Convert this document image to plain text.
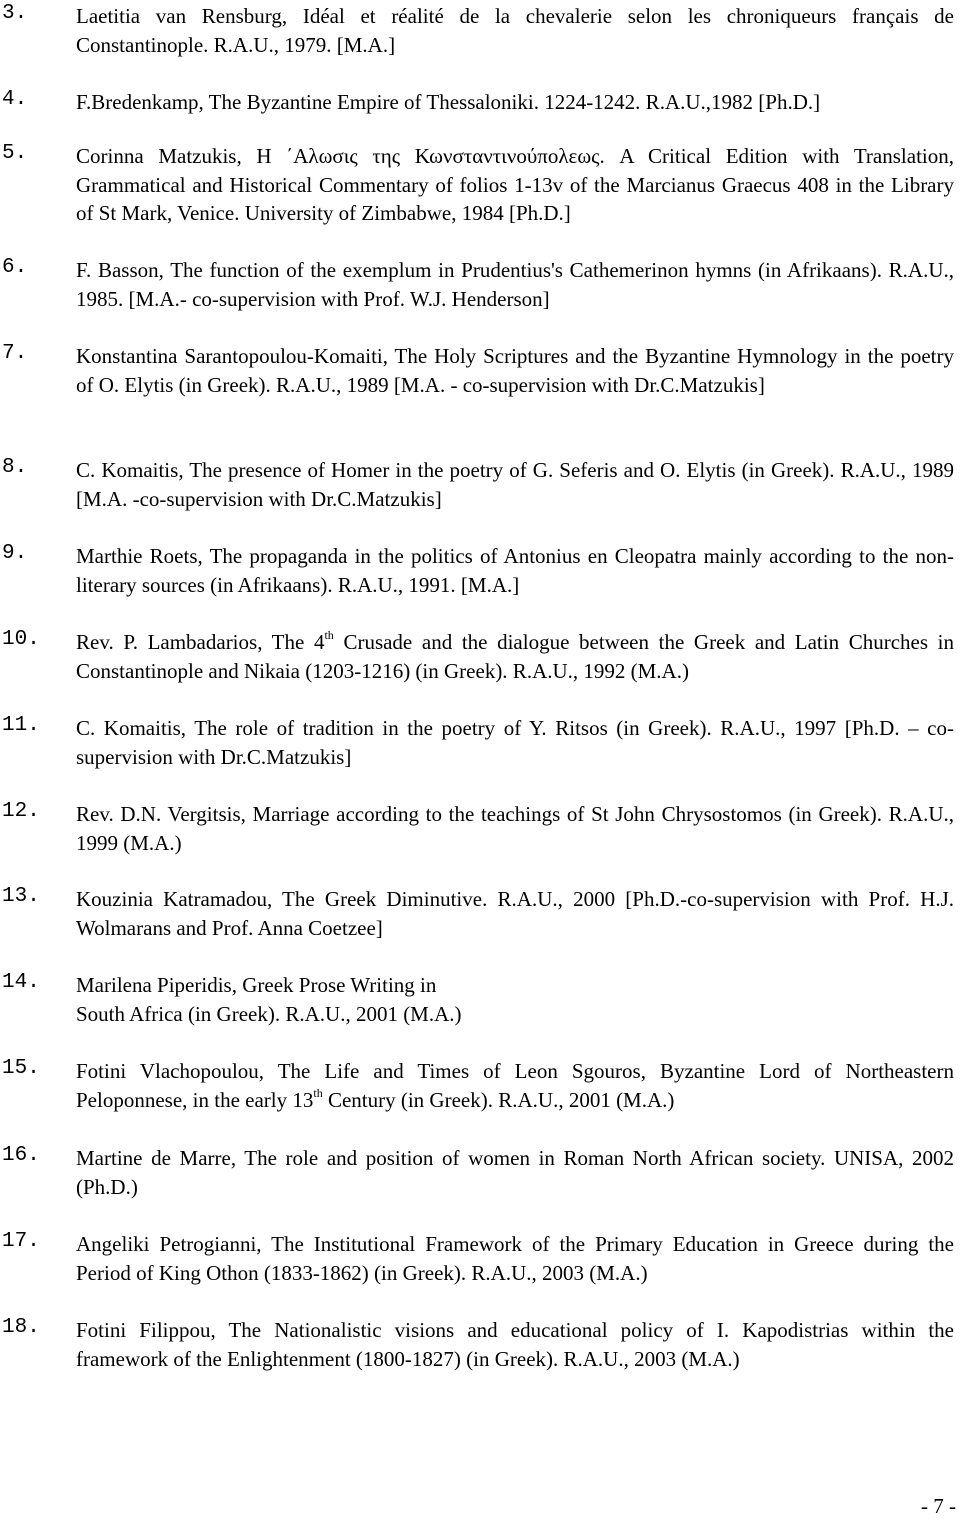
3. Laetitia van Rensburg, Idéal et réalité de la chevalerie selon les chroniqueurs français de Constantinople. R.A.U., 1979. [M.A.]
4. F.Bredenkamp, The Byzantine Empire of Thessaloniki. 1224-1242. R.A.U.,1982 [Ph.D.]
5. Corinna Matzukis, Η ΄Αλωσις της Κωνσταντινούπολεως. A Critical Edition with Translation, Grammatical and Historical Commentary of folios 1-13v of the Marcianus Graecus 408 in the Library of St Mark, Venice. University of Zimbabwe, 1984 [Ph.D.]
6. F. Basson, The function of the exemplum in Prudentius's Cathemerinon hymns (in Afrikaans). R.A.U., 1985. [M.A.- co-supervision with Prof. W.J. Henderson]
7. Konstantina Sarantopoulou-Komaiti, The Holy Scriptures and the Byzantine Hymnology in the poetry of O. Elytis (in Greek). R.A.U., 1989 [M.A. - co-supervision with Dr.C.Matzukis]
8. C. Komaitis, The presence of Homer in the poetry of G. Seferis and O. Elytis (in Greek). R.A.U., 1989 [M.A. -co-supervision with Dr.C.Matzukis]
9. Marthie Roets, The propaganda in the politics of Antonius en Cleopatra mainly according to the non-literary sources (in Afrikaans). R.A.U., 1991. [M.A.]
10. Rev. P. Lambadarios, The 4th Crusade and the dialogue between the Greek and Latin Churches in Constantinople and Nikaia (1203-1216) (in Greek). R.A.U., 1992 (M.A.)
11. C. Komaitis, The role of tradition in the poetry of Y. Ritsos (in Greek). R.A.U., 1997 [Ph.D. – co-supervision with Dr.C.Matzukis]
12. Rev. D.N. Vergitsis, Marriage according to the teachings of St John Chrysostomos (in Greek). R.A.U., 1999 (M.A.)
13. Kouzinia Katramadou, The Greek Diminutive. R.A.U., 2000 [Ph.D.-co-supervision with Prof. H.J. Wolmarans and Prof. Anna Coetzee]
14. Marilena Piperidis, Greek Prose Writing in
South Africa (in Greek). R.A.U., 2001 (M.A.)
15. Fotini Vlachopoulou, The Life and Times of Leon Sgouros, Byzantine Lord of Northeastern Peloponnese, in the early 13th Century (in Greek). R.A.U., 2001 (M.A.)
16. Martine de Marre, The role and position of women in Roman North African society. UNISA, 2002 (Ph.D.)
17. Angeliki Petrogianni, The Institutional Framework of the Primary Education in Greece during the Period of King Othon (1833-1862) (in Greek). R.A.U., 2003 (M.A.)
18. Fotini Filippou, The Nationalistic visions and educational policy of I. Kapodistrias within the framework of the Enlightenment (1800-1827) (in Greek). R.A.U., 2003 (M.A.)
- 7 -
